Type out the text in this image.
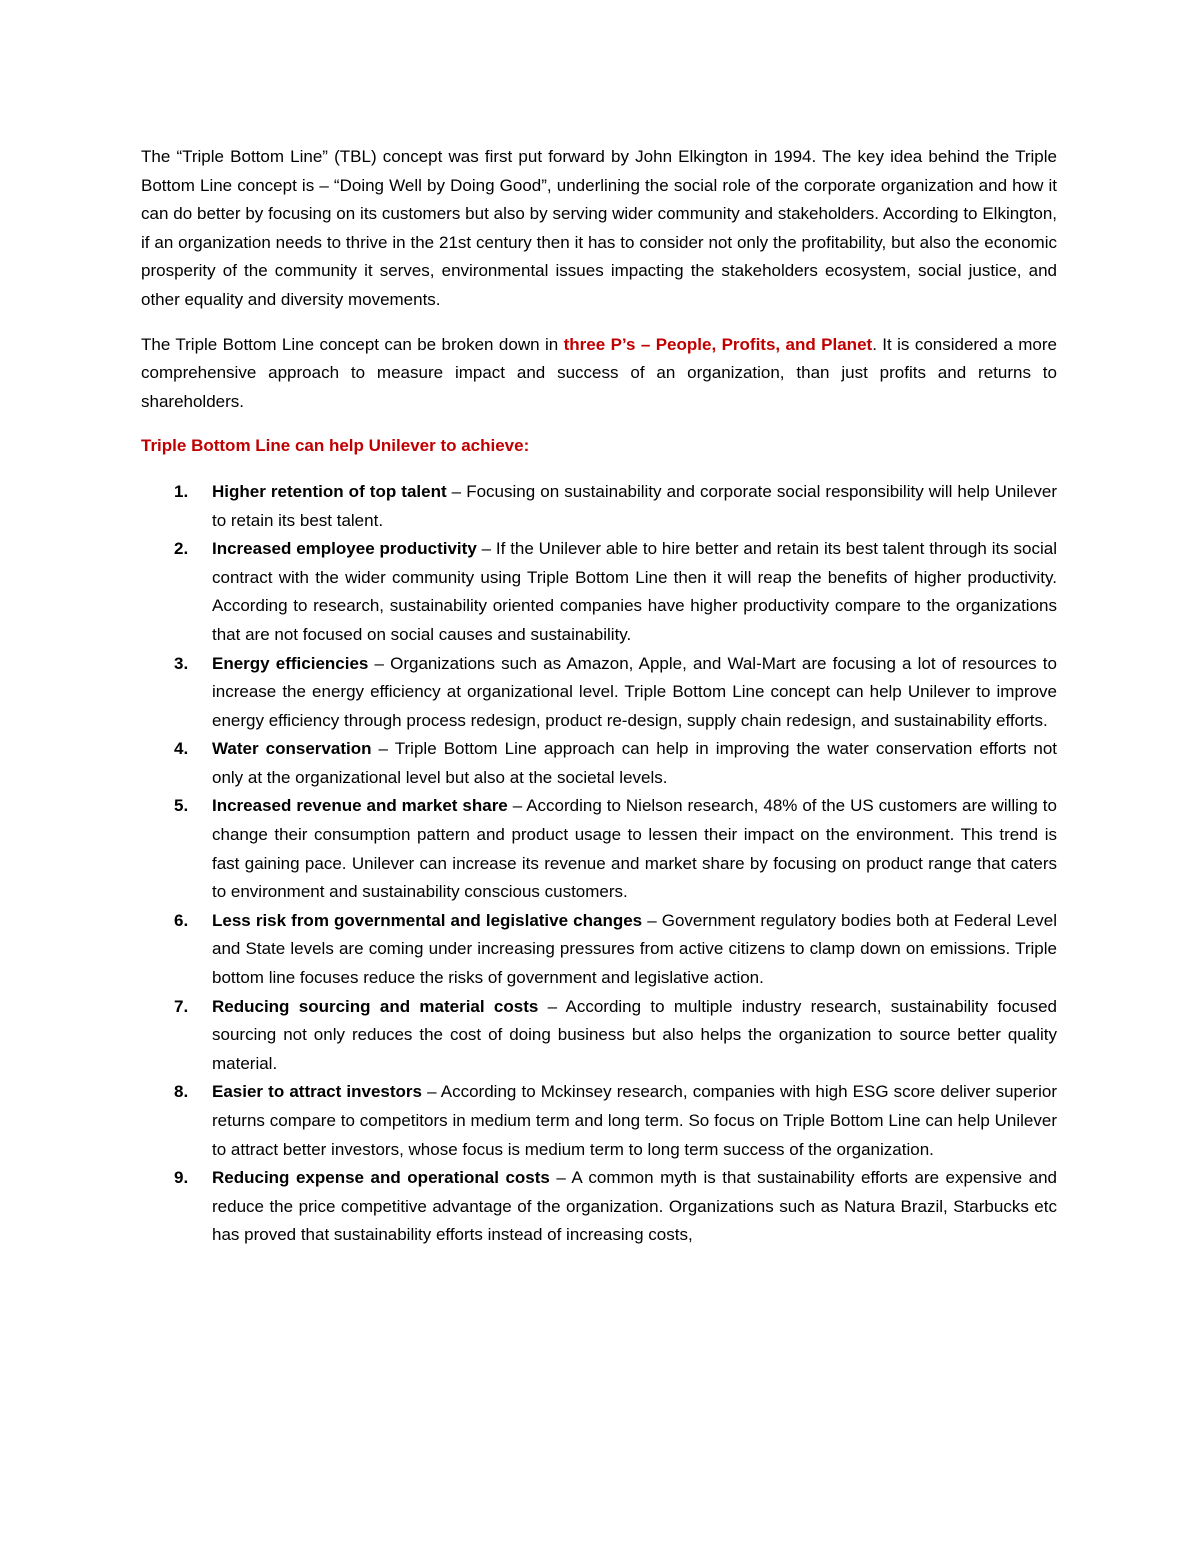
The “Triple Bottom Line” (TBL) concept was first put forward by John Elkington in 1994. The key idea behind the Triple Bottom Line concept is – “Doing Well by Doing Good”, underlining the social role of the corporate organization and how it can do better by focusing on its customers but also by serving wider community and stakeholders. According to Elkington, if an organization needs to thrive in the 21st century then it has to consider not only the profitability, but also the economic prosperity of the community it serves, environmental issues impacting the stakeholders ecosystem, social justice, and other equality and diversity movements.

The Triple Bottom Line concept can be broken down in three P’s – People, Profits, and Planet. It is considered a more comprehensive approach to measure impact and success of an organization, than just profits and returns to shareholders.

Triple Bottom Line can help Unilever to achieve:

1. Higher retention of top talent – Focusing on sustainability and corporate social responsibility will help Unilever to retain its best talent.
2. Increased employee productivity – If the Unilever able to hire better and retain its best talent through its social contract with the wider community using Triple Bottom Line then it will reap the benefits of higher productivity. According to research, sustainability oriented companies have higher productivity compare to the organizations that are not focused on social causes and sustainability.
3. Energy efficiencies – Organizations such as Amazon, Apple, and Wal-Mart are focusing a lot of resources to increase the energy efficiency at organizational level. Triple Bottom Line concept can help Unilever to improve energy efficiency through process redesign, product re-design, supply chain redesign, and sustainability efforts.
4. Water conservation – Triple Bottom Line approach can help in improving the water conservation efforts not only at the organizational level but also at the societal levels.
5. Increased revenue and market share – According to Nielson research, 48% of the US customers are willing to change their consumption pattern and product usage to lessen their impact on the environment. This trend is fast gaining pace. Unilever can increase its revenue and market share by focusing on product range that caters to environment and sustainability conscious customers.
6. Less risk from governmental and legislative changes – Government regulatory bodies both at Federal Level and State levels are coming under increasing pressures from active citizens to clamp down on emissions. Triple bottom line focuses reduce the risks of government and legislative action.
7. Reducing sourcing and material costs – According to multiple industry research, sustainability focused sourcing not only reduces the cost of doing business but also helps the organization to source better quality material.
8. Easier to attract investors – According to Mckinsey research, companies with high ESG score deliver superior returns compare to competitors in medium term and long term. So focus on Triple Bottom Line can help Unilever to attract better investors, whose focus is medium term to long term success of the organization.
9. Reducing expense and operational costs – A common myth is that sustainability efforts are expensive and reduce the price competitive advantage of the organization. Organizations such as Natura Brazil, Starbucks etc has proved that sustainability efforts instead of increasing costs,
